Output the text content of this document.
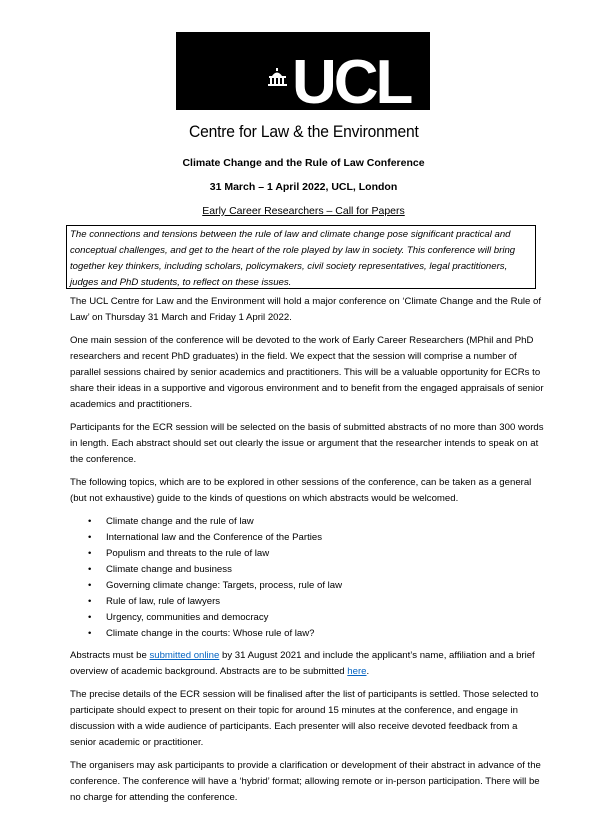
UCL
Centre for Law & the Environment
Climate Change and the Rule of Law Conference
31 March – 1 April 2022, UCL, London
Early Career Researchers – Call for Papers
The connections and tensions between the rule of law and climate change pose significant practical and conceptual challenges, and get to the heart of the role played by law in society. This conference will bring together key thinkers, including scholars, policymakers, civil society representatives, legal practitioners, judges and PhD students, to reflect on these issues.

The UCL Centre for Law and the Environment will hold a major conference on ‘Climate Change and the Rule of Law’ on Thursday 31 March and Friday 1 April 2022.

One main session of the conference will be devoted to the work of Early Career Researchers (MPhil and PhD researchers and recent PhD graduates) in the field. We expect that the session will comprise a number of parallel sessions chaired by senior academics and practitioners. This will be a valuable opportunity for ECRs to share their ideas in a supportive and vigorous environment and to benefit from the engaged appraisals of senior academics and practitioners.

Participants for the ECR session will be selected on the basis of submitted abstracts of no more than 300 words in length. Each abstract should set out clearly the issue or argument that the researcher intends to speak on at the conference.

The following topics, which are to be explored in other sessions of the conference, can be taken as a general (but not exhaustive) guide to the kinds of questions on which abstracts would be welcomed.

• Climate change and the rule of law
• International law and the Conference of the Parties
• Populism and threats to the rule of law
• Climate change and business
• Governing climate change: Targets, process, rule of law
• Rule of law, rule of lawyers
• Urgency, communities and democracy
• Climate change in the courts: Whose rule of law?

Abstracts must be submitted online by 31 August 2021 and include the applicant’s name, affiliation and a brief overview of academic background. Abstracts are to be submitted here.

The precise details of the ECR session will be finalised after the list of participants is settled. Those selected to participate should expect to present on their topic for around 15 minutes at the conference, and engage in discussion with a wide audience of participants. Each presenter will also receive devoted feedback from a senior academic or practitioner.

The organisers may ask participants to provide a clarification or development of their abstract in advance of the conference. The conference will have a ‘hybrid’ format; allowing remote or in-person participation. There will be no charge for attending the conference.
